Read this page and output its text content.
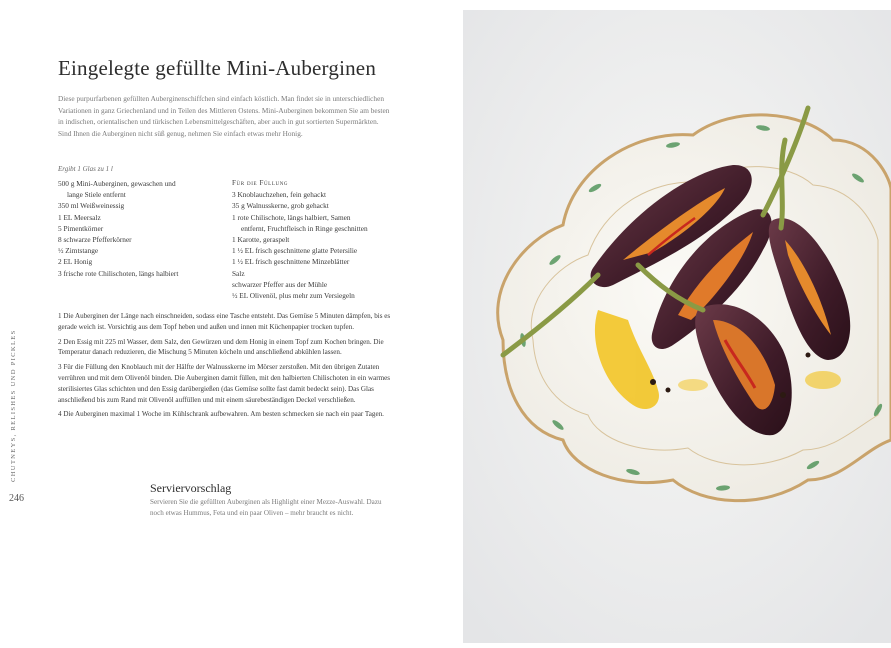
Eingelegte gefüllte Mini-Auberginen
Diese purpurfarbenen gefüllten Auberginenschiffchen sind einfach köstlich. Man findet sie in unterschiedlichen Variationen in ganz Griechenland und in Teilen des Mittleren Ostens. Mini-Auberginen bekommen Sie am besten in indischen, orientalischen und türkischen Lebensmittelgeschäften, aber auch in gut sortierten Supermärkten. Sind Ihnen die Auberginen nicht süß genug, nehmen Sie einfach etwas mehr Honig.
Ergibt 1 Glas zu 1 l
500 g Mini-Auberginen, gewaschen und
lange Stiele entfernt
350 ml Weißweinessig
1 EL Meersalz
5 Pimentkörner
8 schwarze Pfefferkörner
½ Zimtstange
2 EL Honig
3 frische rote Chilischoten, längs halbiert
Für die Füllung
3 Knoblauchzehen, fein gehackt
35 g Walnusskerne, grob gehackt
1 rote Chilischote, längs halbiert, Samen
entfernt, Fruchtfleisch in Ringe geschnitten
1 Karotte, geraspelt
1 ½ EL frisch geschnittene glatte Petersilie
1 ½ EL frisch geschnittene Minzeblätter
Salz
schwarzer Pfeffer aus der Mühle
½ EL Olivenöl, plus mehr zum Versiegeln
1 Die Auberginen der Länge nach einschneiden, sodass eine Tasche entsteht. Das Gemüse 5 Minuten dämpfen, bis es gerade weich ist. Vorsichtig aus dem Topf heben und außen und innen mit Küchenpapier trocken tupfen.
2 Den Essig mit 225 ml Wasser, dem Salz, den Gewürzen und dem Honig in einem Topf zum Kochen bringen. Die Temperatur danach reduzieren, die Mischung 5 Minuten köcheln und anschließend abkühlen lassen.
3 Für die Füllung den Knoblauch mit der Hälfte der Walnusskerne im Mörser zerstoßen. Mit den übrigen Zutaten verrühren und mit dem Olivenöl binden. Die Auberginen damit füllen, mit den halbierten Chilischoten in ein warmes sterilisiertes Glas schichten und den Essig darübergießen (das Gemüse sollte fast damit bedeckt sein). Das Glas anschließend bis zum Rand mit Olivenöl auffüllen und mit einem säurebeständigen Deckel verschließen.
4 Die Auberginen maximal 1 Woche im Kühlschrank aufbewahren. Am besten schmecken sie nach ein paar Tagen.
Serviervorschlag
Servieren Sie die gefüllten Auberginen als Highlight einer Mezze-Auswahl. Dazu noch etwas Hummus, Feta und ein paar Oliven – mehr braucht es nicht.
CHUTNEYS, RELISHES UND PICKLES
246
